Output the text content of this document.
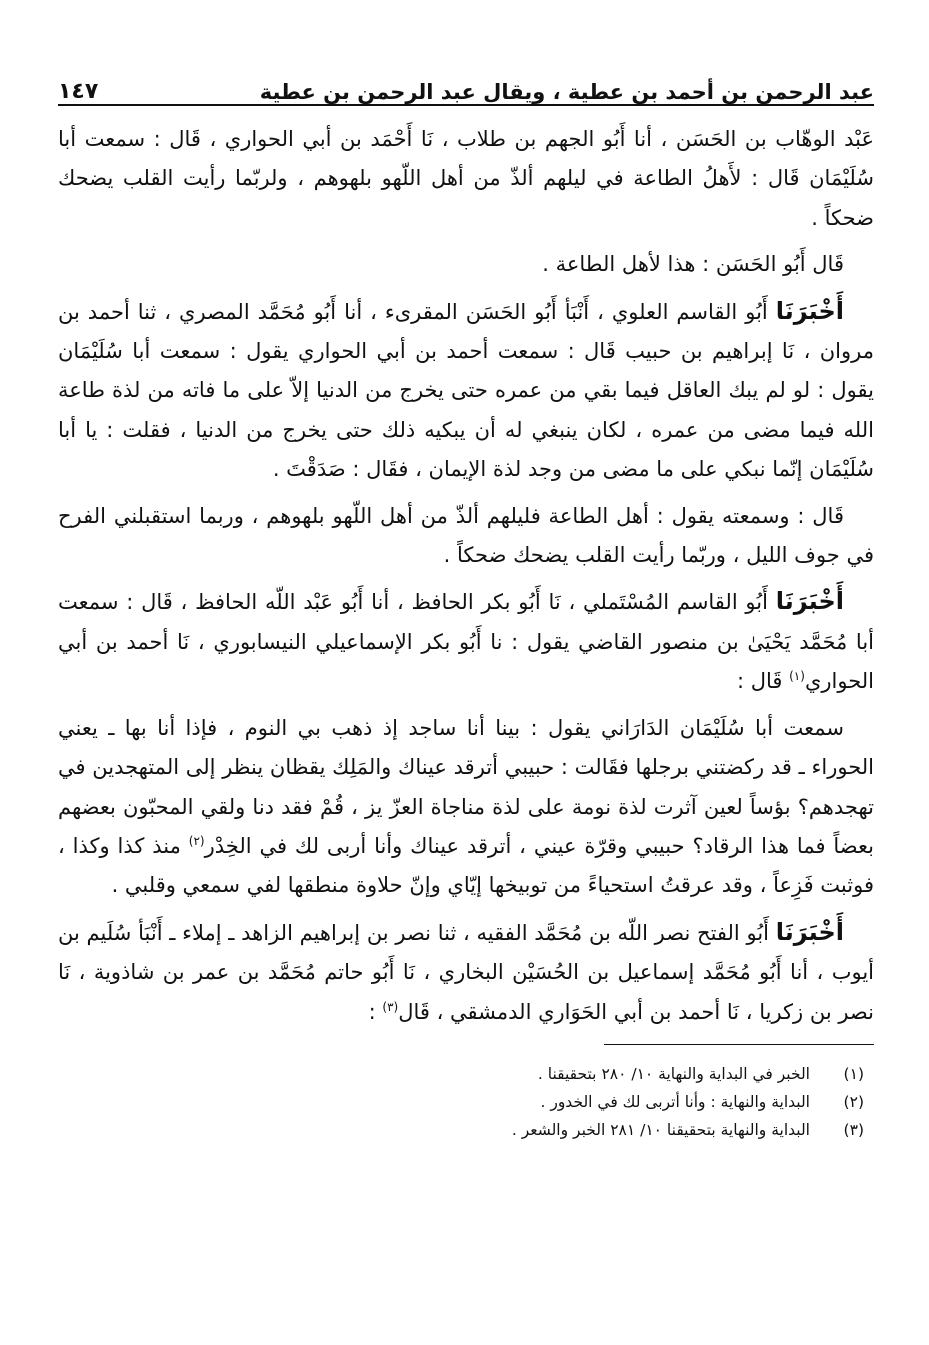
عبد الرحمن بن أحمد بن عطية ، ويقال عبد الرحمن بن عطية
١٤٧

عَبْد الوهّاب بن الحَسَن ، أنا أَبُو الجهم بن طلاب ، نَا أَحْمَد بن أبي الحواري ، قَال : سمعت أبا سُلَيْمَان قَال : لأَهلُ الطاعة في ليلهم ألذّ من أهل اللّهو بلهوهم ، ولربّما رأيت القلب يضحك ضحكاً .

قَال أَبُو الحَسَن : هذا لأهل الطاعة .

أَخْبَرَنَا أَبُو القاسم العلوي ، أَنْبَأ أَبُو الحَسَن المقرىء ، أنا أَبُو مُحَمَّد المصري ، ثنا أحمد بن مروان ، نَا إبراهيم بن حبيب قَال : سمعت أحمد بن أبي الحواري يقول : سمعت أبا سُلَيْمَان يقول : لو لم يبك العاقل فيما بقي من عمره حتى يخرج من الدنيا إلاّ على ما فاته من لذة طاعة الله فيما مضى من عمره ، لكان ينبغي له أن يبكيه ذلك حتى يخرج من الدنيا ، فقلت : يا أبا سُلَيْمَان إنّما نبكي على ما مضى من وجد لذة الإيمان ، فقَال : صَدَقْتَ .

قَال : وسمعته يقول : أهل الطاعة فليلهم ألذّ من أهل اللّهو بلهوهم ، وربما استقبلني الفرح في جوف الليل ، وربّما رأيت القلب يضحك ضحكاً .

أَخْبَرَنَا أَبُو القاسم المُسْتَملي ، نَا أَبُو بكر الحافظ ، أنا أَبُو عَبْد اللّه الحافظ ، قَال : سمعت أبا مُحَمَّد يَحْيَىٰ بن منصور القاضي يقول : نا أَبُو بكر الإسماعيلي النيسابوري ، نَا أحمد بن أبي الحواري$^{(١)}$ قَال :

سمعت أبا سُلَيْمَان الدَارَاني يقول : بينا أنا ساجد إذ ذهب بي النوم ، فإذا أنا بها ـ يعني الحوراء ـ قد ركضتني برجلها فقَالت : حبيبي أترقد عيناك والمَلِك يقظان ينظر إلى المتهجدين في تهجدهم؟ بؤساً لعين آثرت لذة نومة على لذة مناجاة العزّ يز ، قُمْ فقد دنا ولقي المحبّون بعضهم بعضاً فما هذا الرقاد؟ حبيبي وقرّة عيني ، أترقد عيناك وأنا أربى لك في الخِدْر$^{(٢)}$ منذ كذا وكذا ، فوثبت فَزِعاً ، وقد عرقتُ استحياءً من توبيخها إيّاي وإنّ حلاوة منطقها لفي سمعي وقلبي .

أَخْبَرَنَا أَبُو الفتح نصر اللّه بن مُحَمَّد الفقيه ، ثنا نصر بن إبراهيم الزاهد ـ إملاء ـ أَنْبَأ سُلَيم بن أيوب ، أنا أَبُو مُحَمَّد إسماعيل بن الحُسَيْن البخاري ، نَا أَبُو حاتم مُحَمَّد بن عمر بن شاذوية ، نَا نصر بن زكريا ، نَا أحمد بن أبي الحَوَاري الدمشقي ، قَال$^{(٣)}$ :

(١)
الخبر في البداية والنهاية ١٠/ ٢٨٠ بتحقيقنا .
(٢)
البداية والنهاية : وأنا أتربى لك في الخدور .
(٣)
البداية والنهاية بتحقيقنا ١٠/ ٢٨١ الخبر والشعر .
